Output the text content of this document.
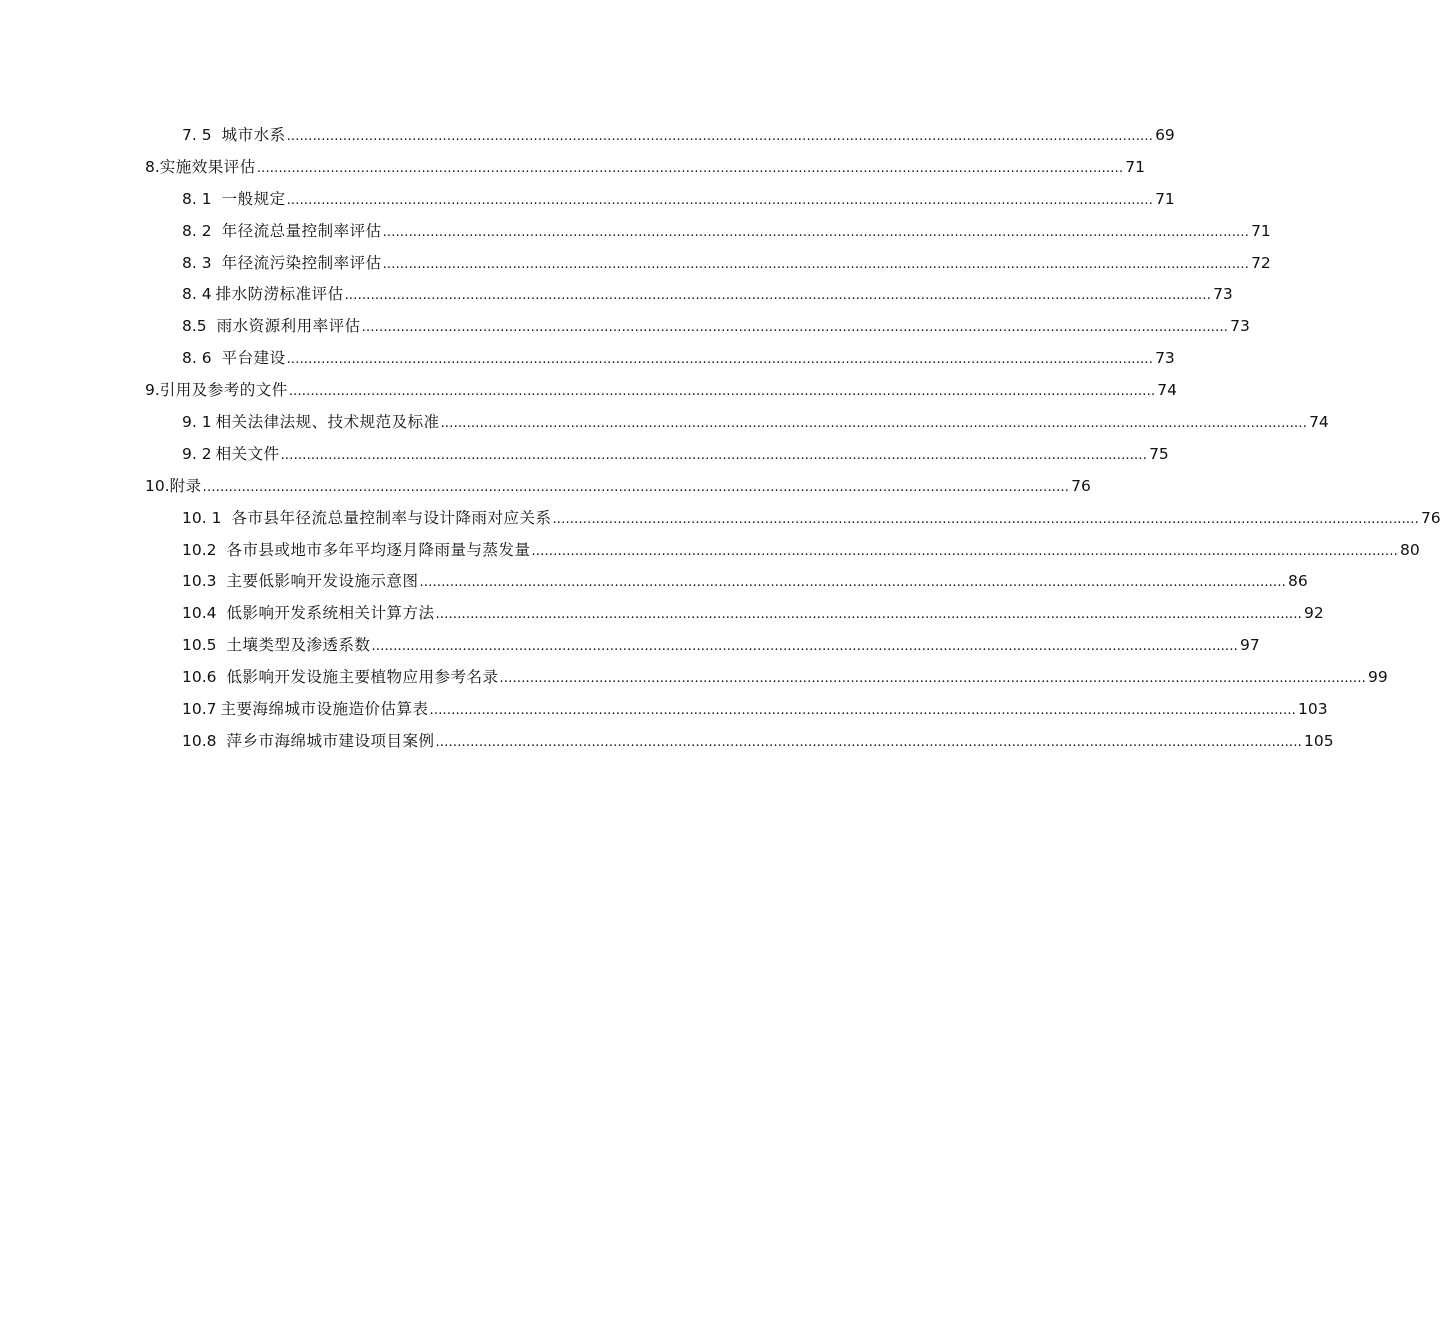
7. 5 城市水系 ........................................................................................................................................................................................................ 69
8. 实施效果评估 ........................................................................................................................................................................................................ 71
8. 1 一般规定 ........................................................................................................................................................................................................ 71
8. 2 年径流总量控制率评估 ........................................................................................................................................................................................................ 71
8. 3 年径流污染控制率评估 ........................................................................................................................................................................................................ 72
8. 4 排水防涝标准评估 ........................................................................................................................................................................................................ 73
8.5 雨水资源利用率评估 ........................................................................................................................................................................................................ 73
8. 6 平台建设 ........................................................................................................................................................................................................ 73
9. 引用及参考的文件 ........................................................................................................................................................................................................ 74
9. 1 相关法律法规、技术规范及标准 ........................................................................................................................................................................................................ 74
9. 2 相关文件 ........................................................................................................................................................................................................ 75
10. 附录 ........................................................................................................................................................................................................ 76
10. 1 各市县年径流总量控制率与设计降雨对应关系 ........................................................................................................................................................................................................ 76
10.2 各市县或地市多年平均逐月降雨量与蒸发量 ........................................................................................................................................................................................................ 80
10.3 主要低影响开发设施示意图 ........................................................................................................................................................................................................ 86
10.4 低影响开发系统相关计算方法 ........................................................................................................................................................................................................ 92
10.5 土壤类型及渗透系数 ........................................................................................................................................................................................................ 97
10.6 低影响开发设施主要植物应用参考名录 ........................................................................................................................................................................................................ 99
10.7 主要海绵城市设施造价估算表 ........................................................................................................................................................................................................ 103
10.8 萍乡市海绵城市建设项目案例 ........................................................................................................................................................................................................ 105
